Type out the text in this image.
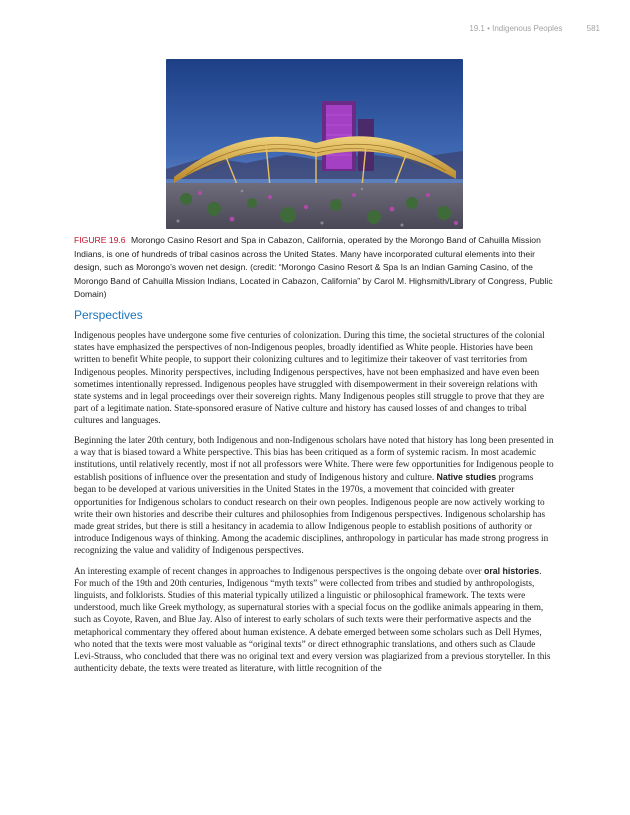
19.1 • Indigenous Peoples	581
FIGURE 19.6 Morongo Casino Resort and Spa in Cabazon, California, operated by the Morongo Band of Cahuilla Mission Indians, is one of hundreds of tribal casinos across the United States. Many have incorporated cultural elements into their design, such as Morongo’s woven net design. (credit: “Morongo Casino Resort & Spa Is an Indian Gaming Casino, of the Morongo Band of Cahuilla Mission Indians, Located in Cabazon, California” by Carol M. Highsmith/Library of Congress, Public Domain)
Perspectives

Indigenous peoples have undergone some five centuries of colonization. During this time, the societal structures of the colonial states have emphasized the perspectives of non-Indigenous peoples, broadly identified as White people. Histories have been written to benefit White people, to support their colonizing cultures and to legitimize their takeover of vast territories from Indigenous peoples. Minority perspectives, including Indigenous perspectives, have not been emphasized and have even been sometimes intentionally repressed. Indigenous peoples have struggled with disempowerment in their sovereign relations with state systems and in legal proceedings over their sovereign rights. Many Indigenous peoples still struggle to prove that they are part of a legitimate nation. State-sponsored erasure of Native culture and history has caused losses of and changes to tribal cultures and languages.

Beginning the later 20th century, both Indigenous and non-Indigenous scholars have noted that history has long been presented in a way that is biased toward a White perspective. This bias has been critiqued as a form of systemic racism. In most academic institutions, until relatively recently, most if not all professors were White. There were few opportunities for Indigenous people to establish positions of influence over the presentation and study of Indigenous history and culture. Native studies programs began to be developed at various universities in the United States in the 1970s, a movement that coincided with greater opportunities for Indigenous scholars to conduct research on their own peoples. Indigenous people are now actively working to write their own histories and describe their cultures and philosophies from Indigenous perspectives. Indigenous scholarship has made great strides, but there is still a hesitancy in academia to allow Indigenous people to establish positions of authority or introduce Indigenous ways of thinking. Among the academic disciplines, anthropology in particular has made strong progress in recognizing the value and validity of Indigenous perspectives.

An interesting example of recent changes in approaches to Indigenous perspectives is the ongoing debate over oral histories. For much of the 19th and 20th centuries, Indigenous “myth texts” were collected from tribes and studied by anthropologists, linguists, and folklorists. Studies of this material typically utilized a linguistic or philosophical framework. The texts were understood, much like Greek mythology, as supernatural stories with a special focus on the godlike animals appearing in them, such as Coyote, Raven, and Blue Jay. Also of interest to early scholars of such texts were their performative aspects and the metaphorical commentary they offered about human existence. A debate emerged between some scholars such as Dell Hymes, who noted that the texts were most valuable as “original texts” or direct ethnographic translations, and others such as Claude Levi-Strauss, who concluded that there was no original text and every version was plagiarized from a previous storyteller. In this authenticity debate, the texts were treated as literature, with little recognition of the
